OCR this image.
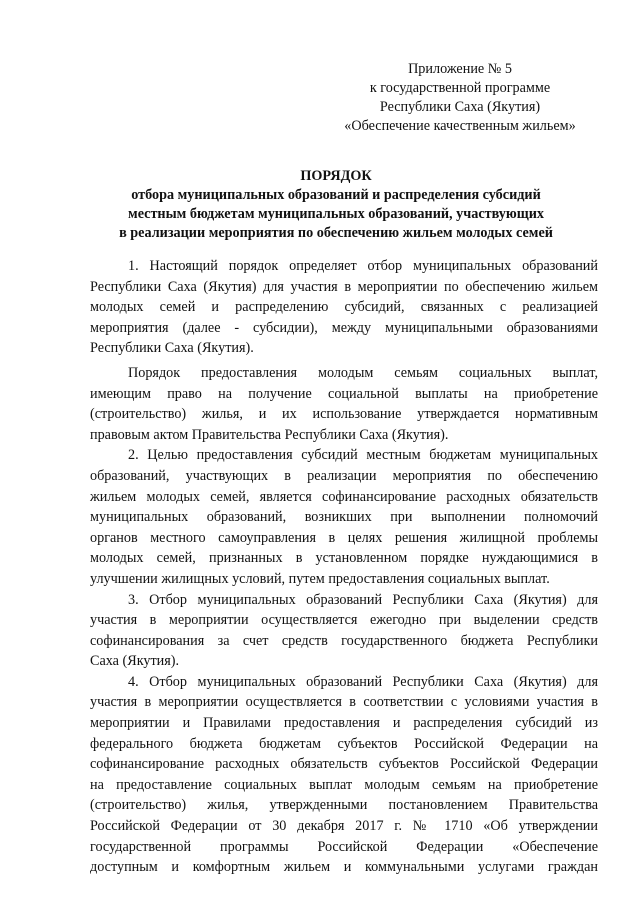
Приложение № 5
к государственной программе
Республики Саха (Якутия)
«Обеспечение качественным жильем»
ПОРЯДОК
отбора муниципальных образований и распределения субсидий
местным бюджетам муниципальных образований, участвующих
в реализации мероприятия по обеспечению жильем молодых семей
1. Настоящий порядок определяет отбор муниципальных образований
Республики Саха (Якутия) для участия в мероприятии по обеспечению жильем
молодых семей и распределению субсидий, связанных с реализацией
мероприятия (далее - субсидии), между муниципальными образованиями
Республики Саха (Якутия).
Порядок предоставления молодым семьям социальных выплат,
имеющим право на получение социальной выплаты на приобретение
(строительство) жилья, и их использование утверждается нормативным
правовым актом Правительства Республики Саха (Якутия).
2. Целью предоставления субсидий местным бюджетам муниципальных
образований, участвующих в реализации мероприятия по обеспечению
жильем молодых семей, является софинансирование расходных обязательств
муниципальных образований, возникших при выполнении полномочий
органов местного самоуправления в целях решения жилищной проблемы
молодых семей, признанных в установленном порядке нуждающимися в
улучшении жилищных условий, путем предоставления социальных выплат.
3. Отбор муниципальных образований Республики Саха (Якутия) для
участия в мероприятии осуществляется ежегодно при выделении средств
софинансирования за счет средств государственного бюджета Республики
Саха (Якутия).
4. Отбор муниципальных образований Республики Саха (Якутия) для
участия в мероприятии осуществляется в соответствии с условиями участия в
мероприятии и Правилами предоставления и распределения субсидий из
федерального бюджета бюджетам субъектов Российской Федерации на
софинансирование расходных обязательств субъектов Российской Федерации
на предоставление социальных выплат молодым семьям на приобретение
(строительство) жилья, утвержденными постановлением Правительства
Российской Федерации от 30 декабря 2017 г. № 1710 «Об утверждении
государственной программы Российской Федерации «Обеспечение
доступным и комфортным жильем и коммунальными услугами граждан
